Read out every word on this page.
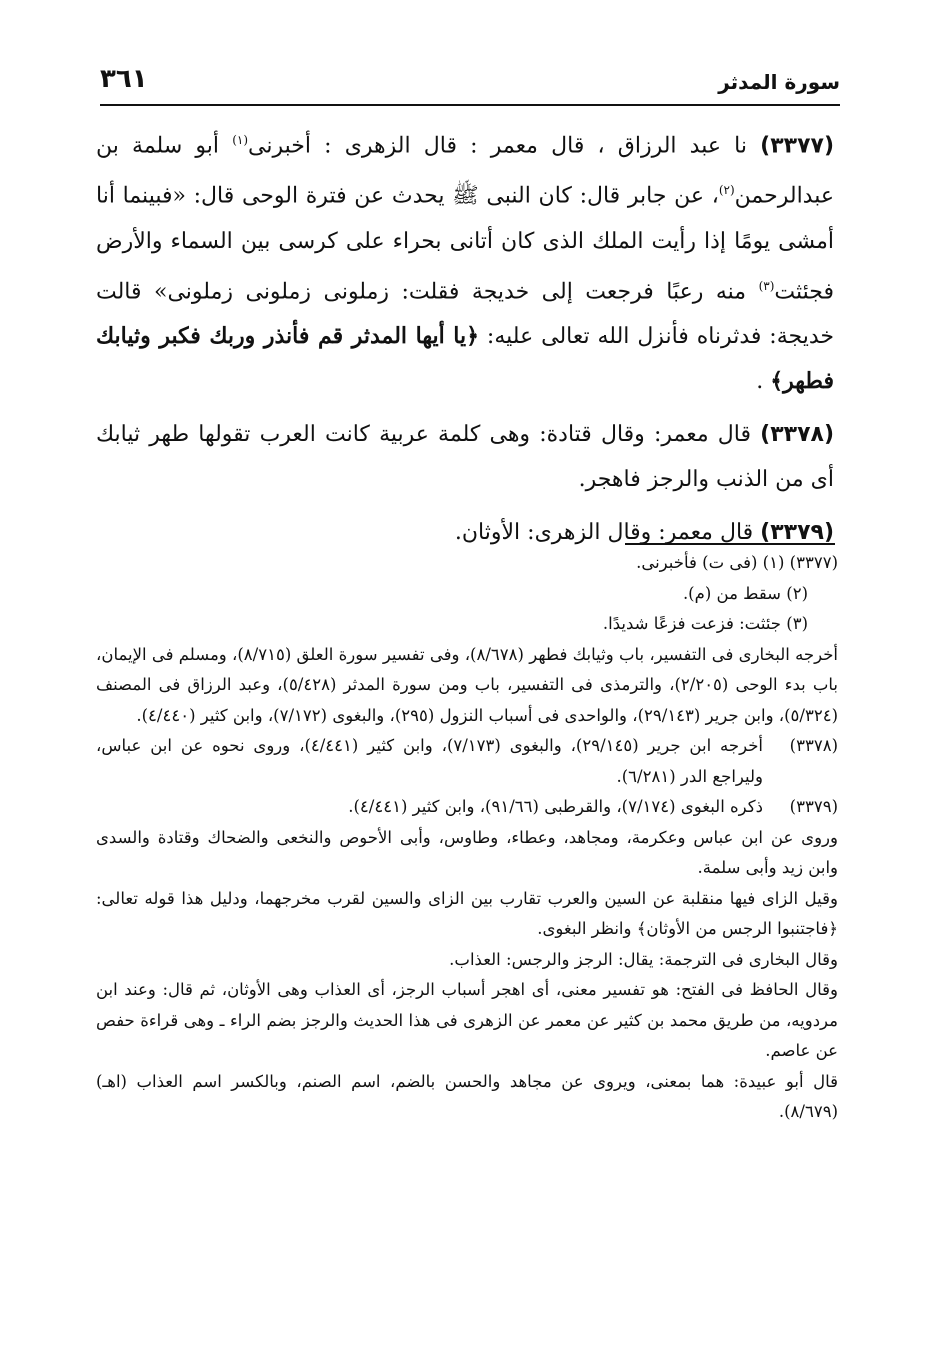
سورة المدثر
٣٦١

(٣٣٧٧) نا عبد الرزاق ، قال معمر : قال الزهرى : أخبرنى$^{(١)}$ أبو سلمة بن عبدالرحمن$^{(٢)}$، عن جابر قال: كان النبى ﷺ يحدث عن فترة الوحى قال: «فبينما أنا أمشى يومًا إذا رأيت الملك الذى كان أتانى بحراء على كرسى بين السماء والأرض فجئثت$^{(٣)}$ منه رعبًا فرجعت إلى خديجة فقلت: زملونى زملونى زملونى» قالت خديجة: فدثرناه فأنزل الله تعالى عليه: ﴿يا أيها المدثر قم فأنذر وربك فكبر وثيابك فطهر﴾ .

(٣٣٧٨) قال معمر: وقال قتادة: وهى كلمة عربية كانت العرب تقولها طهر ثيابك أى من الذنب والرجز فاهجر.

(٣٣٧٩) قال معمر: وقال الزهرى: الأوثان.

(٣٣٧٧) (١) (فى ت) فأخبرنى.
(٢) سقط من (م).
(٣) جئثت: فزعت فزعًا شديدًا.

أخرجه البخارى فى التفسير، باب وثيابك فطهر (٨/٦٧٨)، وفى تفسير سورة العلق (٨/٧١٥)، ومسلم فى الإيمان، باب بدء الوحى (٢/٢٠٥)، والترمذى فى التفسير، باب ومن سورة المدثر (٥/٤٢٨)، وعبد الرزاق فى المصنف (٥/٣٢٤)، وابن جرير (٢٩/١٤٣)، والواحدى فى أسباب النزول (٢٩٥)، والبغوى (٧/١٧٢)، وابن كثير (٤/٤٤٠).

(٣٣٧٨)
أخرجه ابن جرير (٢٩/١٤٥)، والبغوى (٧/١٧٣)، وابن كثير (٤/٤٤١)، وروى نحوه عن ابن عباس، وليراجع الدر (٦/٢٨١).
(٣٣٧٩)
ذكره البغوى (٧/١٧٤)، والقرطبى (٩١/٦٦)، وابن كثير (٤/٤٤١).

وروى عن ابن عباس وعكرمة، ومجاهد، وعطاء، وطاوس، وأبى الأحوص والنخعى والضحاك وقتادة والسدى وابن زيد وأبى سلمة.

وقيل الزاى فيها منقلبة عن السين والعرب تقارب بين الزاى والسين لقرب مخرجهما، ودليل هذا قوله تعالى: ﴿فاجتنبوا الرجس من الأوثان﴾ وانظر البغوى.

وقال البخارى فى الترجمة: يقال: الرجز والرجس: العذاب.

وقال الحافظ فى الفتح: هو تفسير معنى، أى اهجر أسباب الرجز، أى العذاب وهى الأوثان، ثم قال: وعند ابن مردويه، من طريق محمد بن كثير عن معمر عن الزهرى فى هذا الحديث والرجز بضم الراء ـ وهى قراءة حفص عن عاصم.

قال أبو عبيدة: هما بمعنى، ويروى عن مجاهد والحسن بالضم، اسم الصنم، وبالكسر اسم العذاب (اهـ) (٨/٦٧٩).
